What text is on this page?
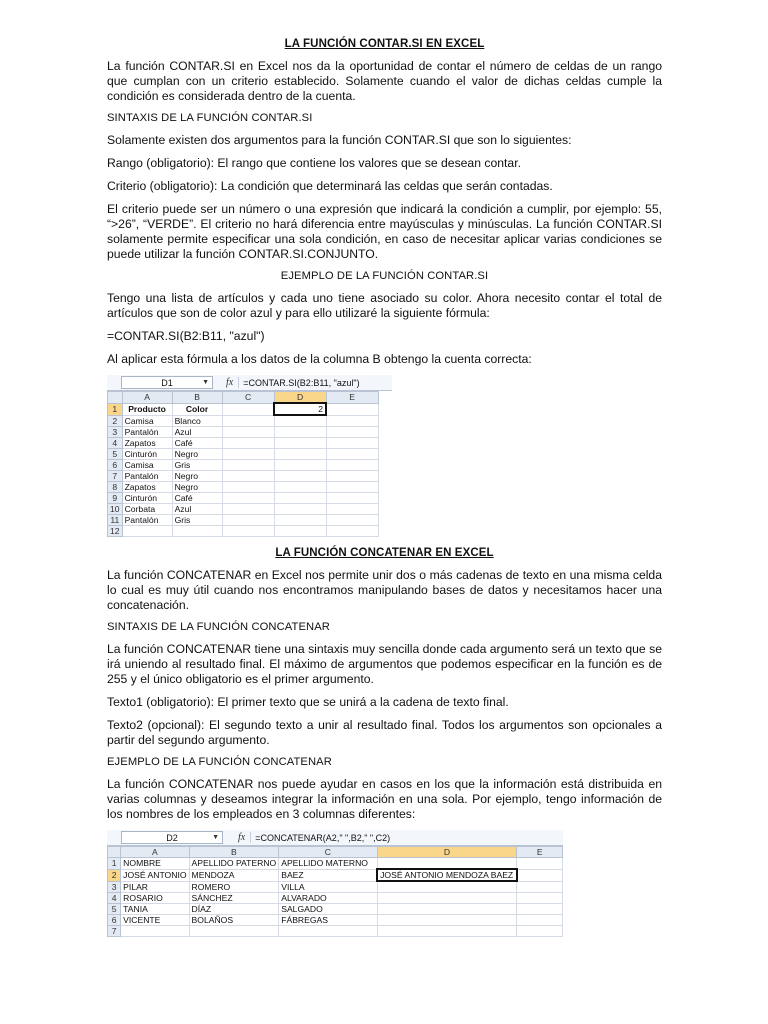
LA FUNCIÓN CONTAR.SI EN EXCEL
La función CONTAR.SI en Excel nos da la oportunidad de contar el número de celdas de un rango que cumplan con un criterio establecido. Solamente cuando el valor de dichas celdas cumple la condición es considerada dentro de la cuenta.
SINTAXIS DE LA FUNCIÓN CONTAR.SI
Solamente existen dos argumentos para la función CONTAR.SI que son lo siguientes:
Rango (obligatorio): El rango que contiene los valores que se desean contar.
Criterio (obligatorio): La condición que determinará las celdas que serán contadas.
El criterio puede ser un número o una expresión que indicará la condición a cumplir, por ejemplo: 55, “>26”, “VERDE”. El criterio no hará diferencia entre mayúsculas y minúsculas. La función CONTAR.SI solamente permite especificar una sola condición, en caso de necesitar aplicar varias condiciones se puede utilizar la función CONTAR.SI.CONJUNTO.
EJEMPLO DE LA FUNCIÓN CONTAR.SI
Tengo una lista de artículos y cada uno tiene asociado su color. Ahora necesito contar el total de artículos que son de color azul y para ello utilizaré la siguiente fórmula:
=CONTAR.SI(B2:B11, "azul")
Al aplicar esta fórmula a los datos de la columna B obtengo la cuenta correcta:
D1	▼	fx	=CONTAR.SI(B2:B11, "azul")
	A	B	C	D	E
1	Producto	Color		2	
2	Camisa	Blanco			
3	Pantalón	Azul			
4	Zapatos	Café			
5	Cinturón	Negro			
6	Camisa	Gris			
7	Pantalón	Negro			
8	Zapatos	Negro			
9	Cinturón	Café			
10	Corbata	Azul			
11	Pantalón	Gris			
12					
LA FUNCIÓN CONCATENAR EN EXCEL
La función CONCATENAR en Excel nos permite unir dos o más cadenas de texto en una misma celda lo cual es muy útil cuando nos encontramos manipulando bases de datos y necesitamos hacer una concatenación.
SINTAXIS DE LA FUNCIÓN CONCATENAR
La función CONCATENAR tiene una sintaxis muy sencilla donde cada argumento será un texto que se irá uniendo al resultado final. El máximo de argumentos que podemos especificar en la función es de 255 y el único obligatorio es el primer argumento.
Texto1 (obligatorio): El primer texto que se unirá a la cadena de texto final.
Texto2 (opcional): El segundo texto a unir al resultado final. Todos los argumentos son opcionales a partir del segundo argumento.
EJEMPLO DE LA FUNCIÓN CONCATENAR
La función CONCATENAR nos puede ayudar en casos en los que la información está distribuida en varias columnas y deseamos integrar la información en una sola. Por ejemplo, tengo información de los nombres de los empleados en 3 columnas diferentes:
D2	▼	fx	=CONCATENAR(A2," ",B2," ",C2)
	A	B	C	D	E
1	NOMBRE	APELLIDO PATERNO	APELLIDO MATERNO		
2	JOSÉ ANTONIO	MENDOZA	BAEZ	JOSÉ ANTONIO MENDOZA BAEZ	
3	PILAR	ROMERO	VILLA		
4	ROSARIO	SÁNCHEZ	ALVARADO		
5	TANIA	DÍAZ	SALGADO		
6	VICENTE	BOLAÑOS	FÁBREGAS		
7					
